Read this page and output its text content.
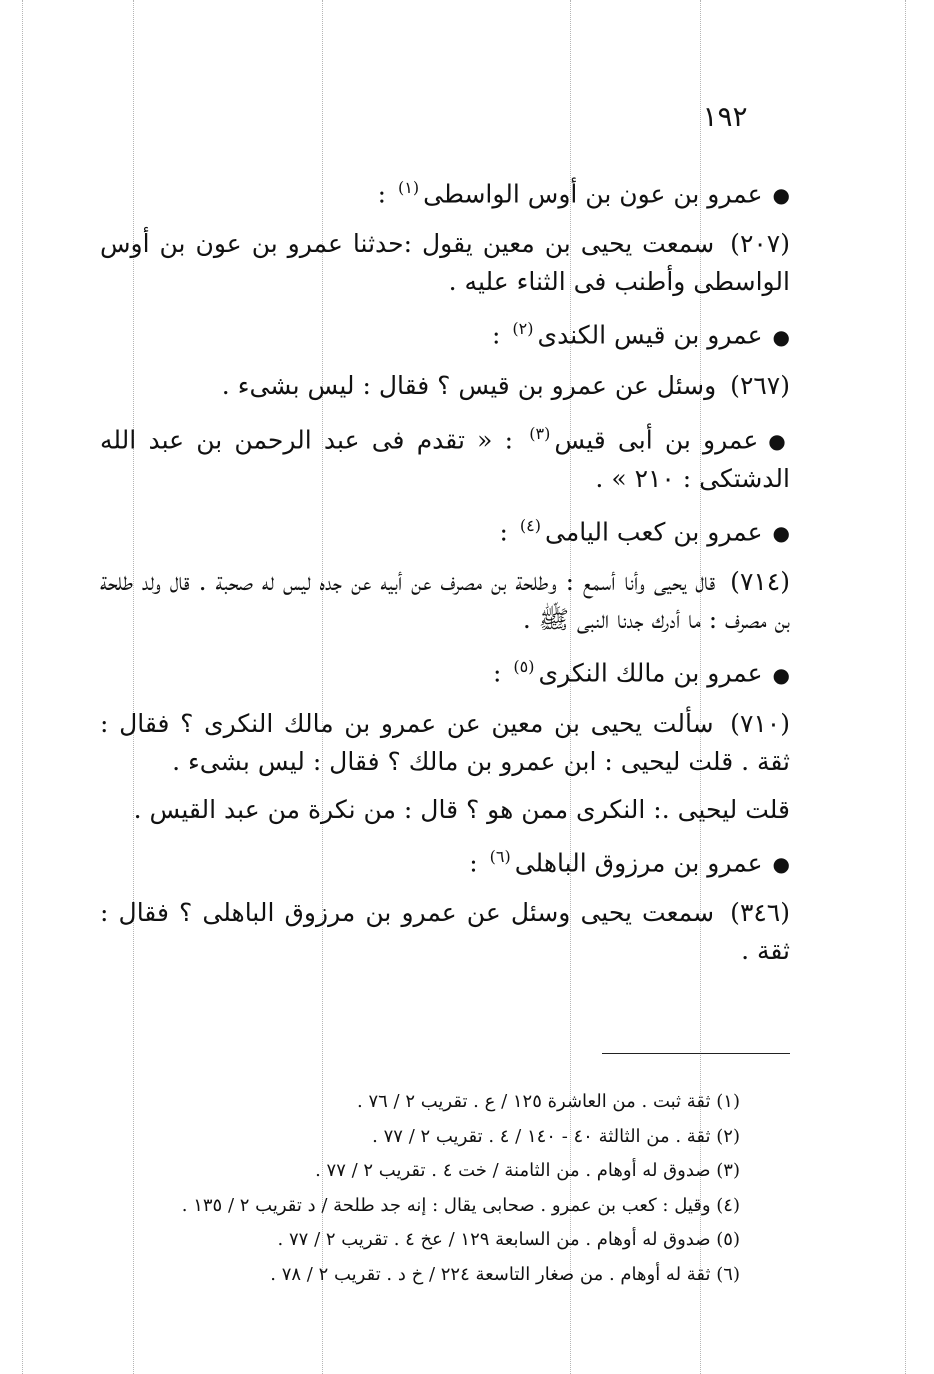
١٩٢
●عمرو بن عون بن أوس الواسطى$^{(١)}$ :
(٢٠٧) سمعت يحيى بن معين يقول :حدثنا عمرو بن عون بن أوس الواسطى وأطنب فى الثناء عليه .
●عمرو بن قيس الكندى$^{(٢)}$ :
(٢٦٧) وسئل عن عمرو بن قيس ؟ فقال : ليس بشىء .
●عمرو بن أبى قيس$^{(٣)}$ : « تقدم فى عبد الرحمن بن عبد الله الدشتكى : ٢١٠ » .
●عمرو بن كعب اليامى$^{(٤)}$ :
(٧١٤) قال يحيى وأنا أسمع : وطلحة بن مصرف عن أبيه عن جده ليس له صحبة . قال ولد طلحة بن مصرف : ما أدرك جدنا النبى ﷺ .
●عمرو بن مالك النكرى$^{(٥)}$ :
(٧١٠) سألت يحيى بن معين عن عمرو بن مالك النكرى ؟ فقال : ثقة . قلت ليحيى : ابن عمرو بن مالك ؟ فقال : ليس بشىء .
قلت ليحيى .: النكرى ممن هو ؟ قال : من نكرة من عبد القيس .
●عمرو بن مرزوق الباهلى$^{(٦)}$ :
(٣٤٦) سمعت يحيى وسئل عن عمرو بن مرزوق الباهلى ؟ فقال : ثقة .
(١) ثقة ثبت . من العاشرة ١٢٥ / ع . تقريب ٢ / ٧٦ .
(٢) ثقة . من الثالثة ٤٠ - ١٤٠ / ٤ . تقريب ٢ / ٧٧ .
(٣) صدوق له أوهام . من الثامنة / خت ٤ . تقريب ٢ / ٧٧ .
(٤) وقيل : كعب بن عمرو . صحابى يقال : إنه جد طلحة / د تقريب ٢ / ١٣٥ .
(٥) صدوق له أوهام . من السابعة ١٢٩ / عخ ٤ . تقريب ٢ / ٧٧ .
(٦) ثقة له أوهام . من صغار التاسعة ٢٢٤ / خ د . تقريب ٢ / ٧٨ .
